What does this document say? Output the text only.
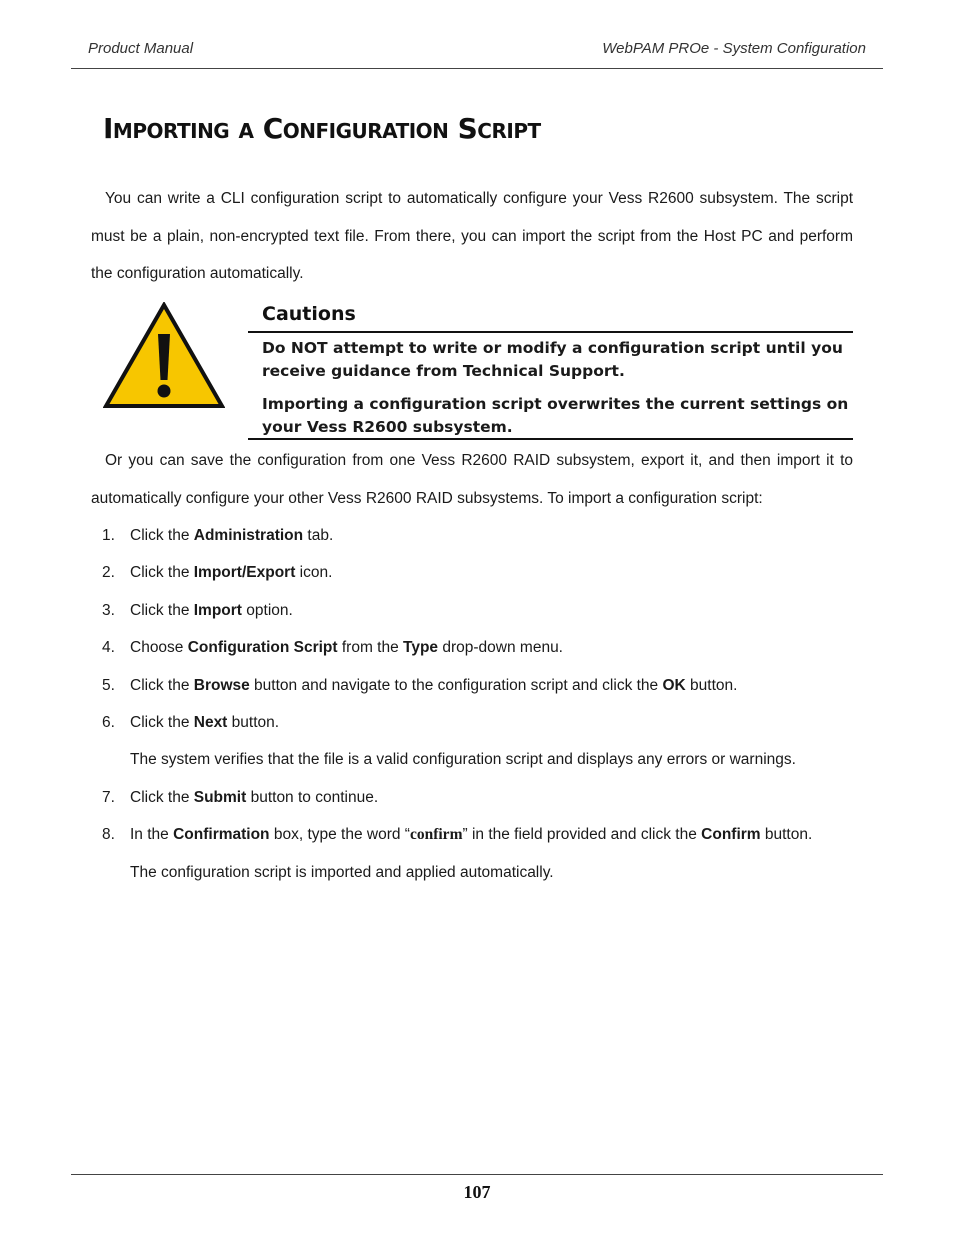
Product Manual	WebPAM PROe - System Configuration
Importing a Configuration Script

You can write a CLI configuration script to automatically configure your Vess R2600 subsystem. The script must be a plain, non-encrypted text file. From there, you can import the script from the Host PC and perform the configuration automatically.

Cautions

Do NOT attempt to write or modify a configuration script until you receive guidance from Technical Support.

Importing a configuration script overwrites the current settings on your Vess R2600 subsystem.

Or you can save the configuration from one Vess R2600 RAID subsystem, export it, and then import it to automatically configure your other Vess R2600 RAID subsystems. To import a configuration script:

1. Click the Administration tab.
2. Click the Import/Export icon.
3. Click the Import option.
4. Choose Configuration Script from the Type drop-down menu.
5. Click the Browse button and navigate to the configuration script and click the OK button.
6. Click the Next button.
The system verifies that the file is a valid configuration script and displays any errors or warnings.
7. Click the Submit button to continue.
8. In the Confirmation box, type the word “confirm” in the field provided and click the Confirm button.
The configuration script is imported and applied automatically.
107
